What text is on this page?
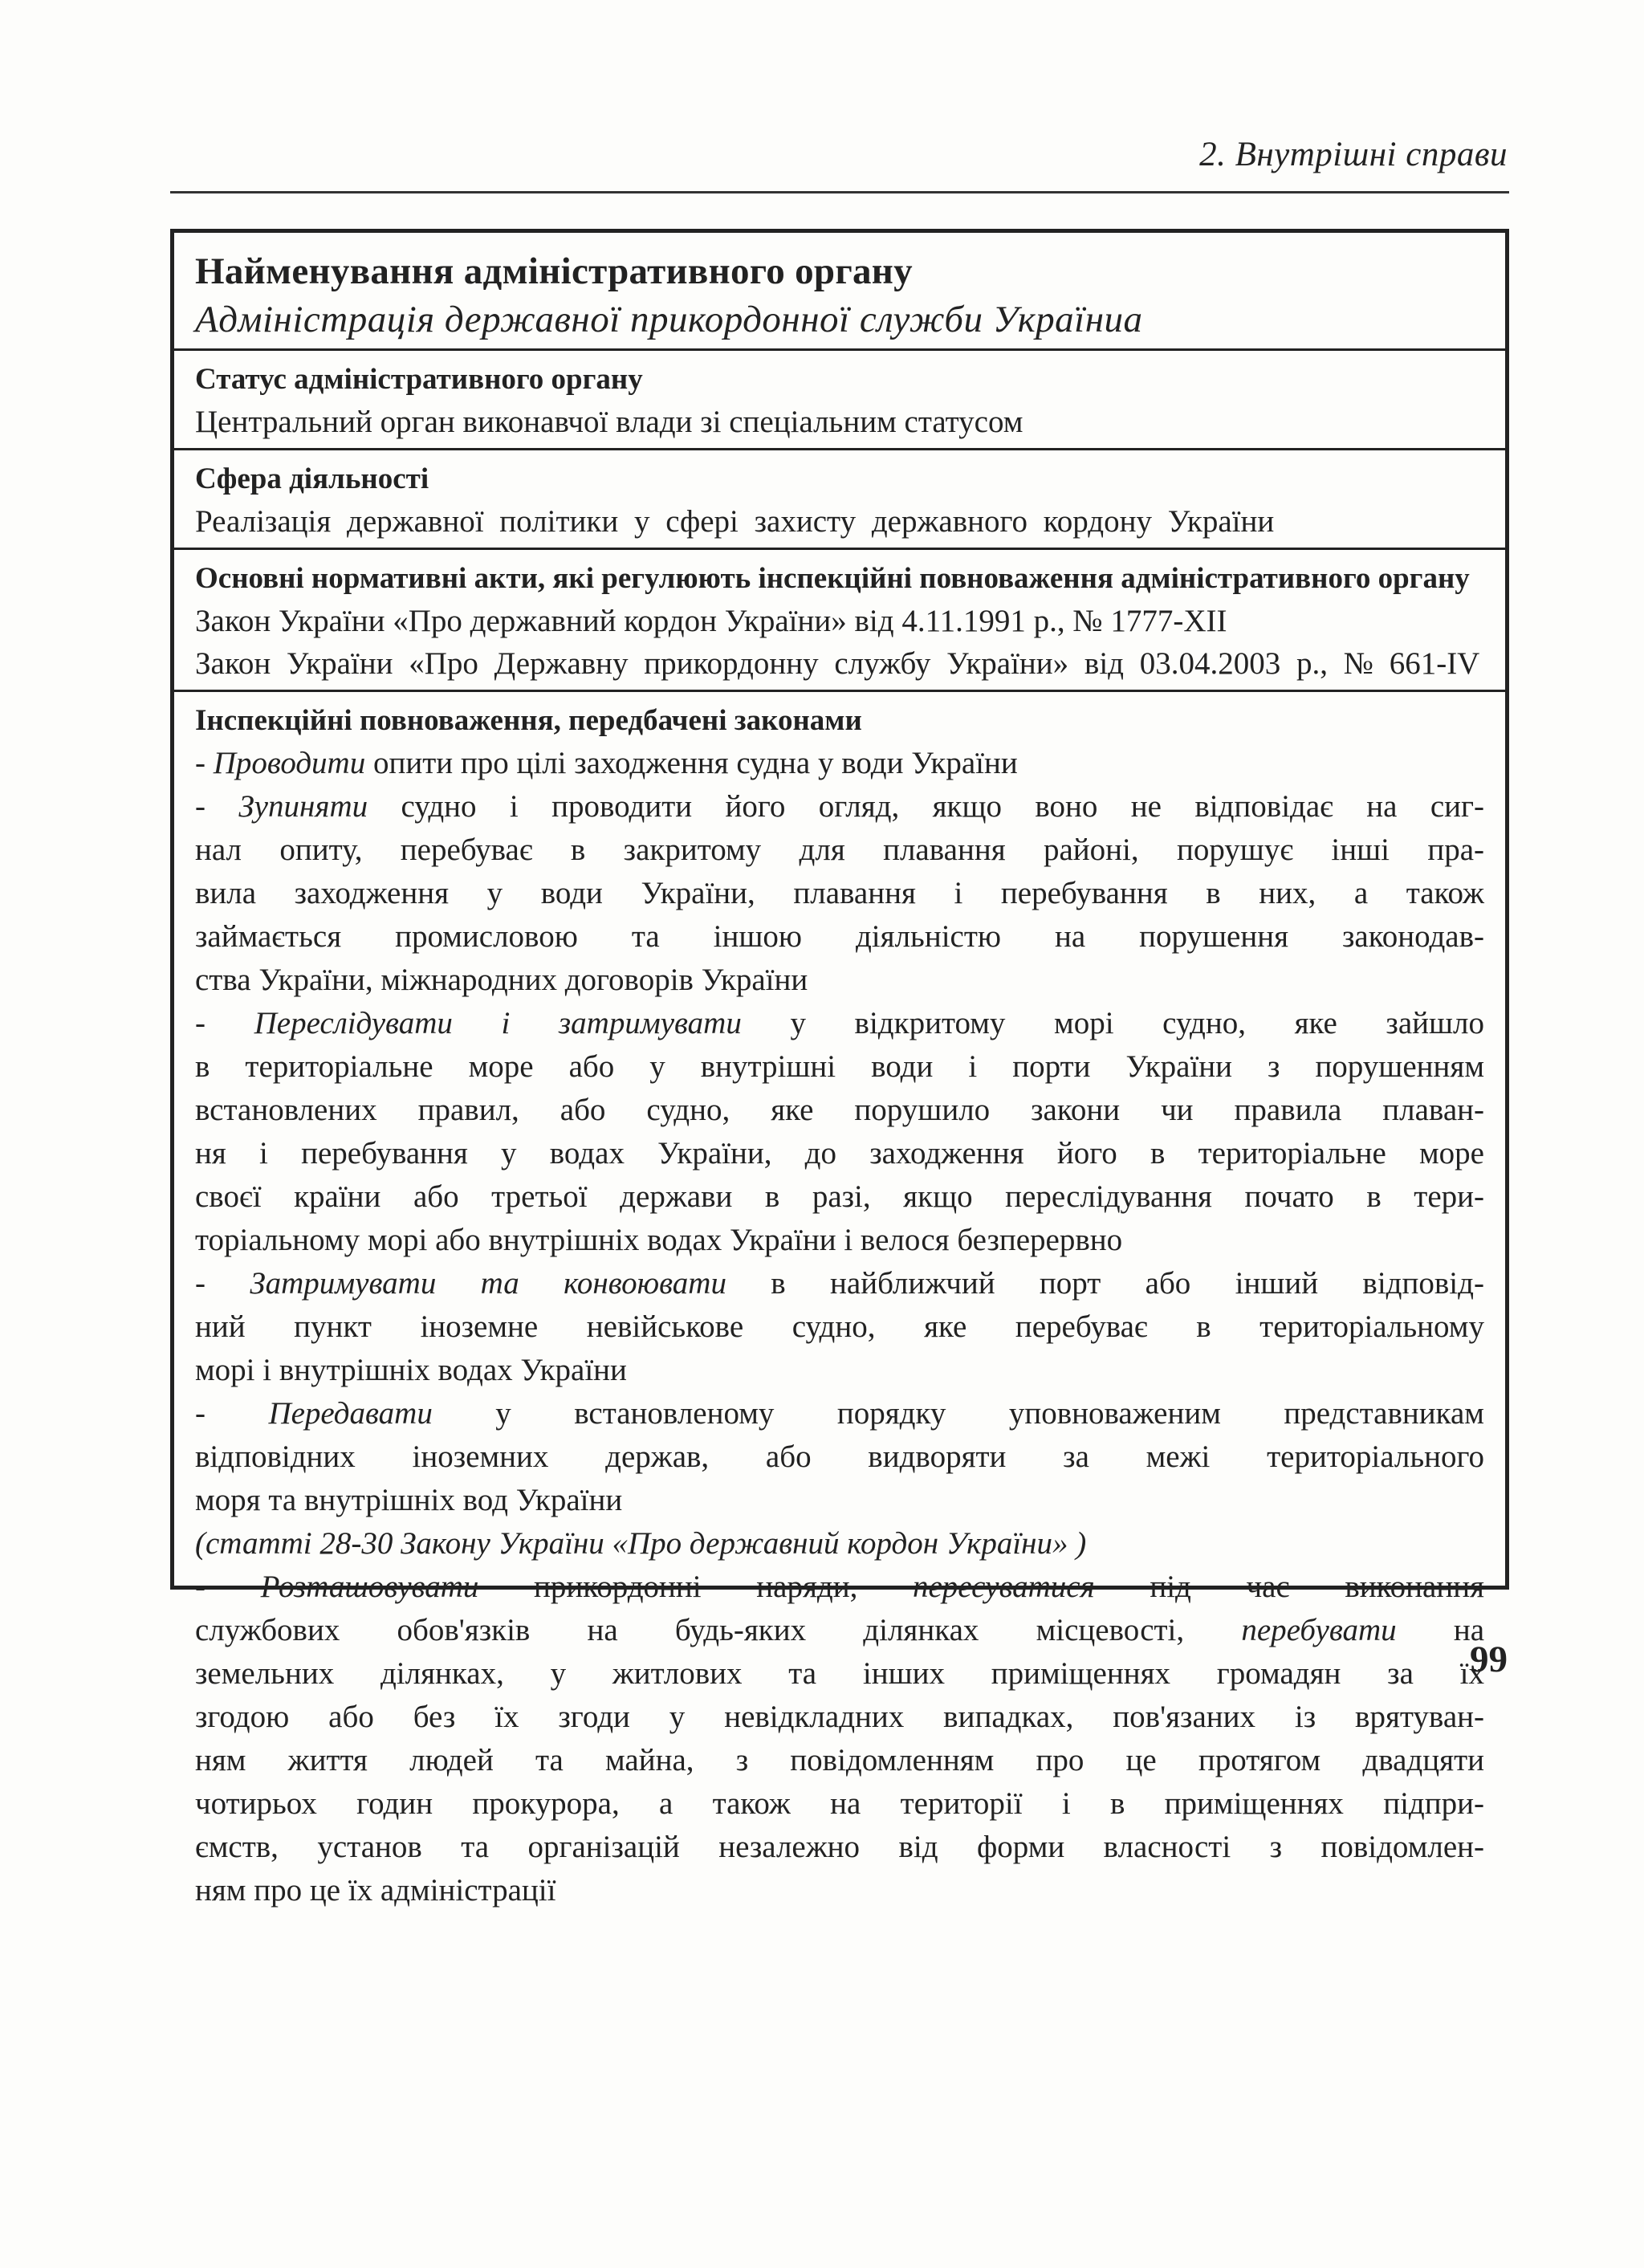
2. Внутрішні справи
Найменування адміністративного органу
Адміністрація державної прикордонної служби Україниа
Статус адміністративного органу
Центральний орган виконавчої влади зі спеціальним статусом
Сфера діяльності
Реалізація державної політики у сфері захисту державного кордону України
Основні нормативні акти, які регулюють інспекційні повноваження адміністративного органу
Закон України «Про державний кордон України» від 4.11.1991 р., № 1777-XII
Закон України «Про Державну прикордонну службу України» від 03.04.2003 р., № 661-IV
Інспекційні повноваження, передбачені законами
- Проводити опити про цілі заходження судна у води України
- Зупиняти судно і проводити його огляд, якщо воно не відповідає на сиг-
нал опиту, перебуває в закритому для плавання районі, порушує інші пра-
вила заходження у води України, плавання і перебування в них, а також
займається промисловою та іншою діяльністю на порушення законодав-
ства України, міжнародних договорів України
- Переслідувати і затримувати у відкритому морі судно, яке зайшло
в територіальне море або у внутрішні води і порти України з порушенням
встановлених правил, або судно, яке порушило закони чи правила плаван-
ня і перебування у водах України, до заходження його в територіальне море
своєї країни або третьої держави в разі, якщо переслідування почато в тери-
торіальному морі або внутрішніх водах України і велося безперервно
- Затримувати та конвоювати в найближчий порт або інший відповід-
ний пункт іноземне невійськове судно, яке перебуває в територіальному
морі і внутрішніх водах України
- Передавати у встановленому порядку уповноваженим представникам
відповідних іноземних держав, або видворяти за межі територіального
моря та внутрішніх вод України
(статті 28-30 Закону України «Про державний кордон України» )
- Розташовувати прикордонні наряди, пересуватися під час виконання
службових обов'язків на будь-яких ділянках місцевості, перебувати на
земельних ділянках, у житлових та інших приміщеннях громадян за їх
згодою або без їх згоди у невідкладних випадках, пов'язаних із врятуван-
ням життя людей та майна, з повідомленням про це протягом двадцяти
чотирьох годин прокурора, а також на території і в приміщеннях підпри-
ємств, установ та організацій незалежно від форми власності з повідомлен-
ням про це їх адміністрації
99
